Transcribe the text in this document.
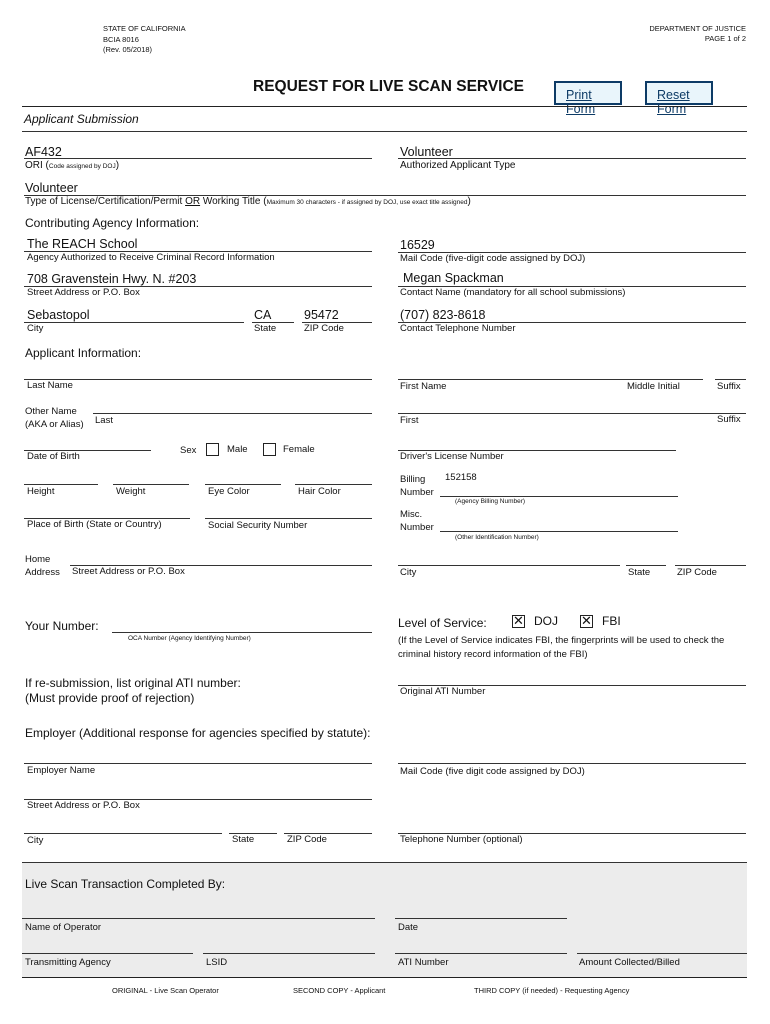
STATE OF CALIFORNIA
BCIA 8016
(Rev. 05/2018)
DEPARTMENT OF JUSTICE
PAGE 1 of 2
REQUEST FOR LIVE SCAN SERVICE	Print Form
Reset Form
Applicant Submission
AF432
ORI (Code assigned by DOJ)
Volunteer
Authorized Applicant Type
Volunteer
Type of License/Certification/Permit OR Working Title (Maximum 30 characters - if assigned by DOJ, use exact title assigned)
Contributing Agency Information:
The REACH School
Agency Authorized to Receive Criminal Record Information
16529
Mail Code (five-digit code assigned by DOJ)
708 Gravenstein Hwy. N. #203
Street Address or P.O. Box
Megan Spackman
Contact Name (mandatory for all school submissions)
Sebastopol
City
CA
State
95472
ZIP Code
(707) 823-8618
Contact Telephone Number
Applicant Information:
Last Name	First Name	Middle Initial	Suffix
Other Name
(AKA or Alias) Last	First	Suffix
Date of Birth
Sex	Male	Female
Driver's License Number
Height	Weight	Eye Color	Hair Color
Billing
Number
152158
(Agency Billing Number)
Place of Birth (State or Country)	Social Security Number
Misc.
Number
(Other Identification Number)
Home
Address Street Address or P.O. Box	City	State	ZIP Code
Your Number:
OCA Number (Agency Identifying Number)
Level of Service: ✕ DOJ ✕ FBI
(If the Level of Service indicates FBI, the fingerprints will be used to check the
criminal history record information of the FBI)
If re-submission, list original ATI number:
(Must provide proof of rejection)	Original ATI Number
Employer (Additional response for agencies specified by statute):
Employer Name	Mail Code (five digit code assigned by DOJ)
Street Address or P.O. Box
City	State	ZIP Code	Telephone Number (optional)
Live Scan Transaction Completed By:
Name of Operator	Date
Transmitting Agency	LSID	ATI Number	Amount Collected/Billed
ORIGINAL - Live Scan Operator	SECOND COPY - Applicant	THIRD COPY (if needed) - Requesting Agency
